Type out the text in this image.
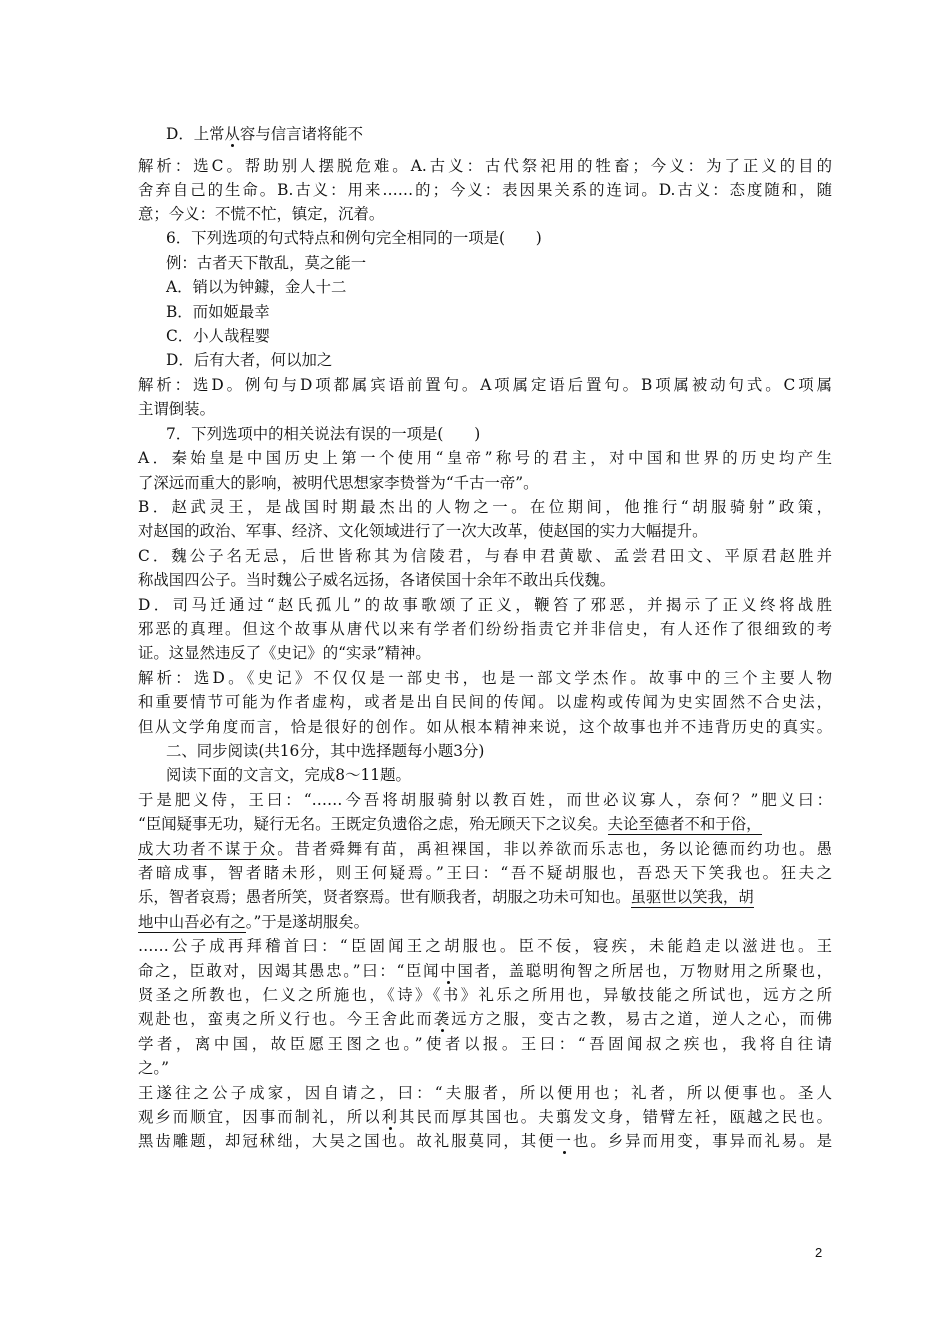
D．上常从容与信言诸将能不
解析：选C。帮助别人摆脱危难。A.古义：古代祭祀用的牲畜；今义：为了正义的目的
舍弃自己的生命。B.古义：用来……的；今义：表因果关系的连词。D.古义：态度随和，随
意；今义：不慌不忙，镇定，沉着。
6．下列选项的句式特点和例句完全相同的一项是(　　)
例：古者天下散乱，莫之能一
A．销以为钟鐻，金人十二
B．而如姬最幸
C．小人哉程婴
D．后有大者，何以加之
解析：选D。例句与D项都属宾语前置句。A项属定语后置句。B项属被动句式。C项属
主谓倒装。
7．下列选项中的相关说法有误的一项是(　　)
A．秦始皇是中国历史上第一个使用“皇帝”称号的君主，对中国和世界的历史均产生
了深远而重大的影响，被明代思想家李贽誉为“千古一帝”。
B．赵武灵王，是战国时期最杰出的人物之一。在位期间，他推行“胡服骑射”政策，
对赵国的政治、军事、经济、文化领域进行了一次大改革，使赵国的实力大幅提升。
C．魏公子名无忌，后世皆称其为信陵君，与春申君黄歇、孟尝君田文、平原君赵胜并
称战国四公子。当时魏公子威名远扬，各诸侯国十余年不敢出兵伐魏。
D．司马迁通过“赵氏孤儿”的故事歌颂了正义，鞭笞了邪恶，并揭示了正义终将战胜
邪恶的真理。但这个故事从唐代以来有学者们纷纷指责它并非信史，有人还作了很细致的考
证。这显然违反了《史记》的“实录”精神。
解析：选D。《史记》不仅仅是一部史书，也是一部文学杰作。故事中的三个主要人物
和重要情节可能为作者虚构，或者是出自民间的传闻。以虚构或传闻为史实固然不合史法，
但从文学角度而言，恰是很好的创作。如从根本精神来说，这个故事也并不违背历史的真实。
二、同步阅读(共16分，其中选择题每小题3分)
阅读下面的文言文，完成8～11题。
于是肥义侍，王曰：“……今吾将胡服骑射以教百姓，而世必议寡人，奈何？”肥义曰：
“臣闻疑事无功，疑行无名。王既定负遗俗之虑，殆无顾天下之议矣。夫论至德者不和于俗，
成大功者不谋于众。昔者舜舞有苗，禹袒裸国，非以养欲而乐志也，务以论德而约功也。愚
者暗成事，智者睹未形，则王何疑焉。”王曰：“吾不疑胡服也，吾恐天下笑我也。狂夫之
乐，智者哀焉；愚者所笑，贤者察焉。世有顺我者，胡服之功未可知也。虽驱世以笑我，胡
地中山吾必有之。”于是遂胡服矣。
……公子成再拜稽首曰：“臣固闻王之胡服也。臣不佞，寝疾，未能趋走以滋进也。王
命之，臣敢对，因竭其愚忠。”曰：“臣闻中国者，盖聪明徇智之所居也，万物财用之所聚也，
贤圣之所教也，仁义之所施也，《诗》《书》礼乐之所用也，异敏技能之所试也，远方之所
观赴也，蛮夷之所义行也。今王舍此而袭远方之服，变古之教，易古之道，逆人之心，而佛
学者，离中国，故臣愿王图之也。”使者以报。王曰：“吾固闻叔之疾也，我将自往请
之。”
王遂往之公子成家，因自请之，曰：“夫服者，所以便用也；礼者，所以便事也。圣人
观乡而顺宜，因事而制礼，所以利其民而厚其国也。夫翦发文身，错臂左衽，瓯越之民也。
黑齿雕题，却冠秫绌，大吴之国也。故礼服莫同，其便一也。乡异而用变，事异而礼易。是
2
